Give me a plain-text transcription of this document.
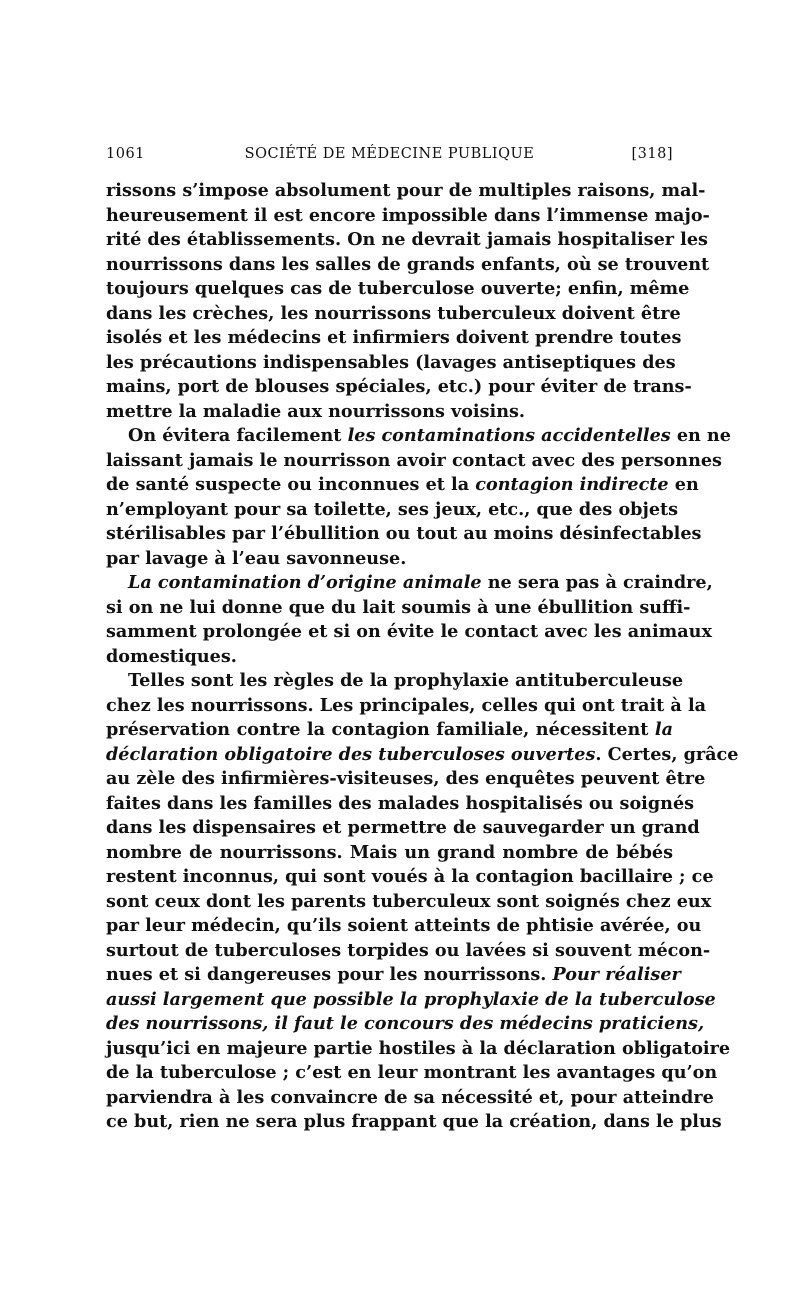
1061	SOCIÉTÉ DE MÉDECINE PUBLIQUE	[318]

rissons s’impose absolument pour de multiples raisons, mal-
heureusement il est encore impossible dans l’immense majo-
rité des établissements. On ne devrait jamais hospitaliser les
nourrissons dans les salles de grands enfants, où se trouvent
toujours quelques cas de tuberculose ouverte; enfin, même
dans les crèches, les nourrissons tuberculeux doivent être
isolés et les médecins et infirmiers doivent prendre toutes
les précautions indispensables (lavages antiseptiques des
mains, port de blouses spéciales, etc.) pour éviter de trans-
mettre la maladie aux nourrissons voisins.

On évitera facilement les contaminations accidentelles en ne
laissant jamais le nourrisson avoir contact avec des personnes
de santé suspecte ou inconnues et la contagion indirecte en
n’employant pour sa toilette, ses jeux, etc., que des objets
stérilisables par l’ébullition ou tout au moins désinfectables
par lavage à l’eau savonneuse.

La contamination d’origine animale ne sera pas à craindre,
si on ne lui donne que du lait soumis à une ébullition suffi-
samment prolongée et si on évite le contact avec les animaux
domestiques.

Telles sont les règles de la prophylaxie antituberculeuse
chez les nourrissons. Les principales, celles qui ont trait à la
préservation contre la contagion familiale, nécessitent la
déclaration obligatoire des tuberculoses ouvertes. Certes, grâce
au zèle des infirmières-visiteuses, des enquêtes peuvent être
faites dans les familles des malades hospitalisés ou soignés
dans les dispensaires et permettre de sauvegarder un grand
nombre de nourrissons. Mais un grand nombre de bébés
restent inconnus, qui sont voués à la contagion bacillaire ; ce
sont ceux dont les parents tuberculeux sont soignés chez eux
par leur médecin, qu’ils soient atteints de phtisie avérée, ou
surtout de tuberculoses torpides ou lavées si souvent mécon-
nues et si dangereuses pour les nourrissons. Pour réaliser
aussi largement que possible la prophylaxie de la tuberculose
des nourrissons, il faut le concours des médecins praticiens,
jusqu’ici en majeure partie hostiles à la déclaration obligatoire
de la tuberculose ; c’est en leur montrant les avantages qu’on
parviendra à les convaincre de sa nécessité et, pour atteindre
ce but, rien ne sera plus frappant que la création, dans le plus
